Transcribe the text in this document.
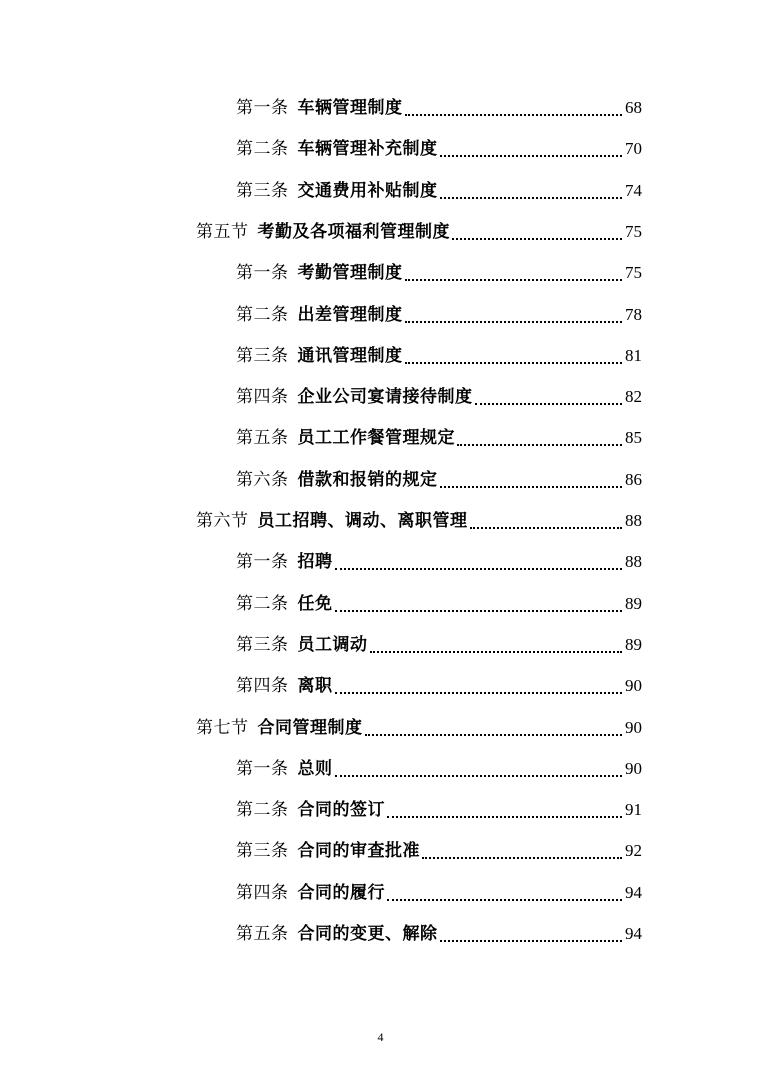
第一条 车辆管理制度	68
第二条 车辆管理补充制度	70
第三条 交通费用补贴制度	74
第五节 考勤及各项福利管理制度	75
第一条 考勤管理制度	75
第二条 出差管理制度	78
第三条 通讯管理制度	81
第四条 企业公司宴请接待制度	82
第五条 员工工作餐管理规定	85
第六条 借款和报销的规定	86
第六节 员工招聘、调动、离职管理	88
第一条 招聘	88
第二条 任免	89
第三条 员工调动	89
第四条 离职	90
第七节 合同管理制度	90
第一条 总则	90
第二条 合同的签订	91
第三条 合同的审查批准	92
第四条 合同的履行	94
第五条 合同的变更、解除	94
4
